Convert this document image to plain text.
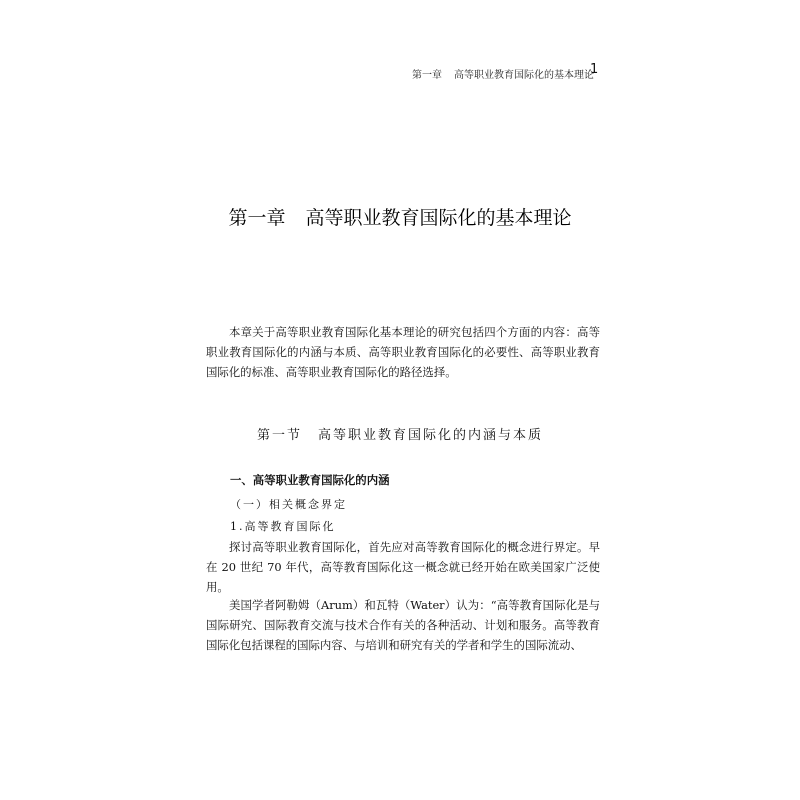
第一章 高等职业教育国际化的基本理论
1
第一章 高等职业教育国际化的基本理论
本章关于高等职业教育国际化基本理论的研究包括四个方面的内容：高等职业教育国际化的内涵与本质、高等职业教育国际化的必要性、高等职业教育国际化的标准、高等职业教育国际化的路径选择。
第一节 高等职业教育国际化的内涵与本质
一、高等职业教育国际化的内涵
（一）相关概念界定
1.高等教育国际化
探讨高等职业教育国际化，首先应对高等教育国际化的概念进行界定。早在 20 世纪 70 年代，高等教育国际化这一概念就已经开始在欧美国家广泛使用。
美国学者阿勒姆（Arum）和瓦特（Water）认为：“高等教育国际化是与国际研究、国际教育交流与技术合作有关的各种活动、计划和服务。高等教育国际化包括课程的国际内容、与培训和研究有关的学者和学生的国际流动、
